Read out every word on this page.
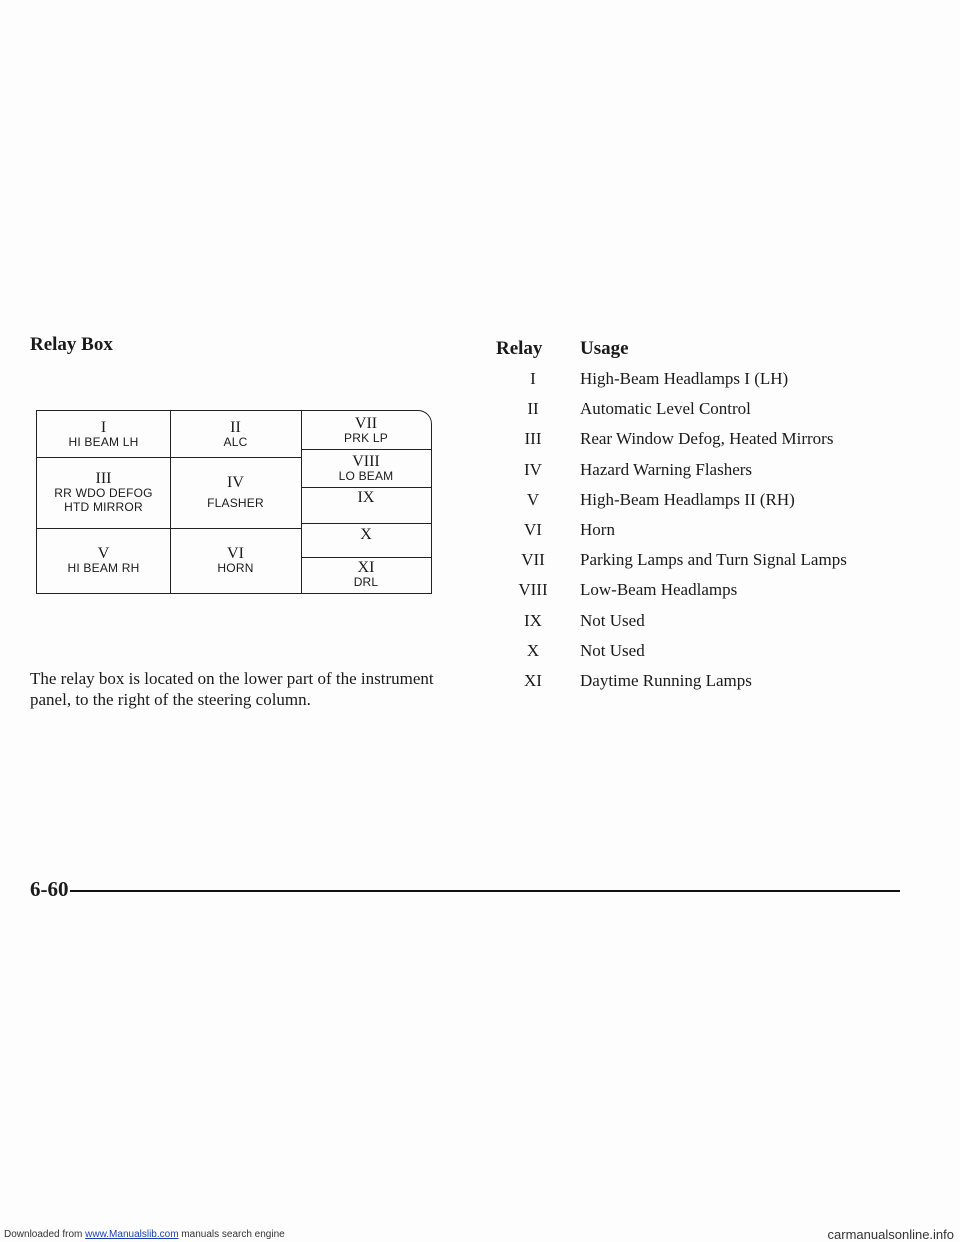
Relay Box
I
HI BEAM LH
III
RR WDO DEFOG
HTD MIRROR
V
HI BEAM RH
II
ALC
IV
FLASHER
VI
HORN
VII
PRK LP
VIII
LO BEAM
IX
X
XI
DRL

The relay box is located on the lower part of the instrument panel, to the right of the steering column.

Relay	Usage
I	High-Beam Headlamps I (LH)
II	Automatic Level Control
III	Rear Window Defog, Heated Mirrors
IV	Hazard Warning Flashers
V	High-Beam Headlamps II (RH)
VI	Horn
VII	Parking Lamps and Turn Signal Lamps
VIII	Low-Beam Headlamps
IX	Not Used
X	Not Used
XI	Daytime Running Lamps
6-60
Downloaded from www.Manualslib.com manuals search engine	carmanualsonline.info
